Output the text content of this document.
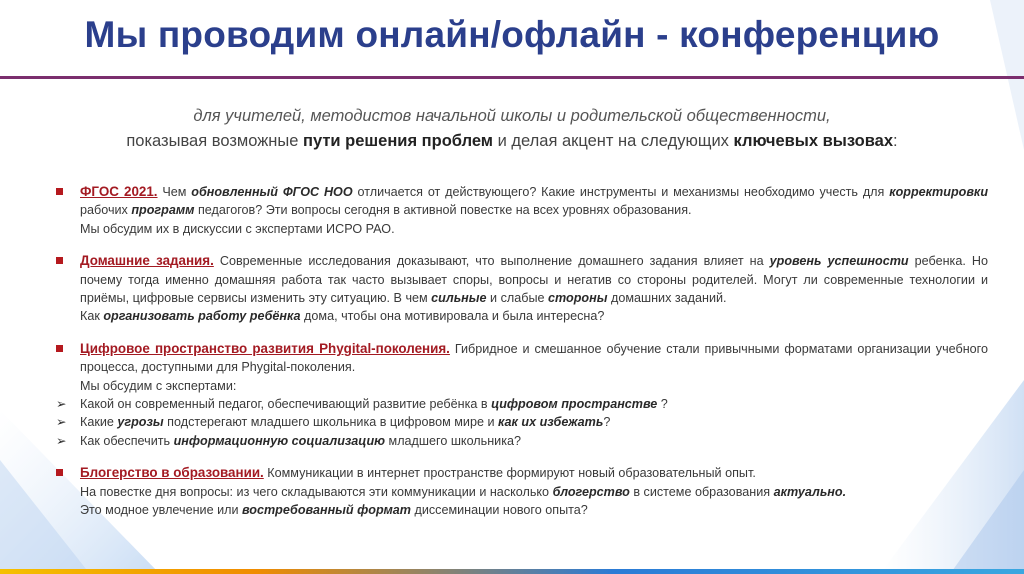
Мы проводим онлайн/офлайн - конференцию
для учителей, методистов начальной школы и родительской общественности,
показывая возможные пути решения проблем и делая акцент на следующих ключевых вызовах:
ФГОС 2021. Чем обновленный ФГОС НОО отличается от действующего? Какие инструменты и механизмы необходимо учесть для корректировки рабочих программ педагогов? Эти вопросы сегодня в активной повестке на всех уровнях образования.
Мы обсудим их в дискуссии с экспертами ИСРО РАО.
Домашние задания. Современные исследования доказывают, что выполнение домашнего задания влияет на уровень успешности ребенка. Но почему тогда именно домашняя работа так часто вызывает споры, вопросы и негатив со стороны родителей. Могут ли современные технологии и приёмы, цифровые сервисы изменить эту ситуацию. В чем сильные и слабые стороны домашних заданий.
Как организовать работу ребёнка дома, чтобы она мотивировала и была интересна?
Цифровое пространство развития Phygital-поколения. Гибридное и смешанное обучение стали привычными форматами организации учебного процесса, доступными для Phygital-поколения.
Мы обсудим с экспертами:
➢ Какой он современный педагог, обеспечивающий развитие ребёнка в цифровом пространстве ?
➢ Какие угрозы подстерегают младшего школьника в цифровом мире и как их избежать?
➢ Как обеспечить информационную социализацию младшего школьника?
Блогерство в образовании. Коммуникации в интернет пространстве формируют новый образовательный опыт.
На повестке дня вопросы: из чего складываются эти коммуникации и насколько блогерство в системе образования актуально.
Это модное увлечение или востребованный формат диссеминации нового опыта?
